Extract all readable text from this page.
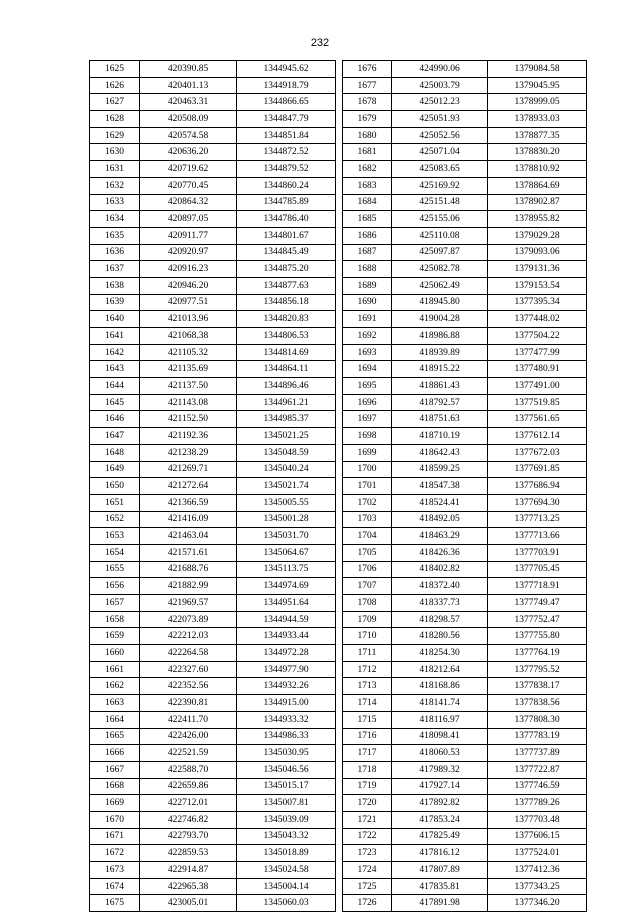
232
1625	420390.85	1344945.62
1626	420401.13	1344918.79
1627	420463.31	1344866.65
1628	420508.09	1344847.79
1629	420574.58	1344851.84
1630	420636.20	1344872.52
1631	420719.62	1344879.52
1632	420770.45	1344860.24
1633	420864.32	1344785.89
1634	420897.05	1344786.40
1635	420911.77	1344801.67
1636	420920.97	1344845.49
1637	420916.23	1344875.20
1638	420946.20	1344877.63
1639	420977.51	1344856.18
1640	421013.96	1344820.83
1641	421068.38	1344806.53
1642	421105.32	1344814.69
1643	421135.69	1344864.11
1644	421137.50	1344896.46
1645	421143.08	1344961.21
1646	421152.50	1344985.37
1647	421192.36	1345021.25
1648	421238.29	1345048.59
1649	421269.71	1345040.24
1650	421272.64	1345021.74
1651	421366.59	1345005.55
1652	421416.09	1345001.28
1653	421463.04	1345031.70
1654	421571.61	1345064.67
1655	421688.76	1345113.75
1656	421882.99	1344974.69
1657	421969.57	1344951.64
1658	422073.89	1344944.59
1659	422212.03	1344933.44
1660	422264.58	1344972.28
1661	422327.60	1344977.90
1662	422352.56	1344932.26
1663	422390.81	1344915.00
1664	422411.70	1344933.32
1665	422426.00	1344986.33
1666	422521.59	1345030.95
1667	422588.70	1345046.56
1668	422659.86	1345015.17
1669	422712.01	1345007.81
1670	422746.82	1345039.09
1671	422793.70	1345043.32
1672	422859.53	1345018.89
1673	422914.87	1345024.58
1674	422965.38	1345004.14
1675	423005.01	1345060.03
1676	424990.06	1379084.58
1677	425003.79	1379045.95
1678	425012.23	1378999.05
1679	425051.93	1378933.03
1680	425052.56	1378877.35
1681	425071.04	1378830.20
1682	425083.65	1378810.92
1683	425169.92	1378864.69
1684	425151.48	1378902.87
1685	425155.06	1378955.82
1686	425110.08	1379029.28
1687	425097.87	1379093.06
1688	425082.78	1379131.36
1689	425062.49	1379153.54
1690	418945.80	1377395.34
1691	419004.28	1377448.02
1692	418986.88	1377504.22
1693	418939.89	1377477.99
1694	418915.22	1377480.91
1695	418861.43	1377491.00
1696	418792.57	1377519.85
1697	418751.63	1377561.65
1698	418710.19	1377612.14
1699	418642.43	1377672.03
1700	418599.25	1377691.85
1701	418547.38	1377686.94
1702	418524.41	1377694.30
1703	418492.05	1377713.25
1704	418463.29	1377713.66
1705	418426.36	1377703.91
1706	418402.82	1377705.45
1707	418372.40	1377718.91
1708	418337.73	1377749.47
1709	418298.57	1377752.47
1710	418280.56	1377755.80
1711	418254.30	1377764.19
1712	418212.64	1377795.52
1713	418168.86	1377838.17
1714	418141.74	1377838.56
1715	418116.97	1377808.30
1716	418098.41	1377783.19
1717	418060.53	1377737.89
1718	417989.32	1377722.87
1719	417927.14	1377746.59
1720	417892.82	1377789.26
1721	417853.24	1377703.48
1722	417825.49	1377606.15
1723	417816.12	1377524.01
1724	417807.89	1377412.36
1725	417835.81	1377343.25
1726	417891.98	1377346.20
